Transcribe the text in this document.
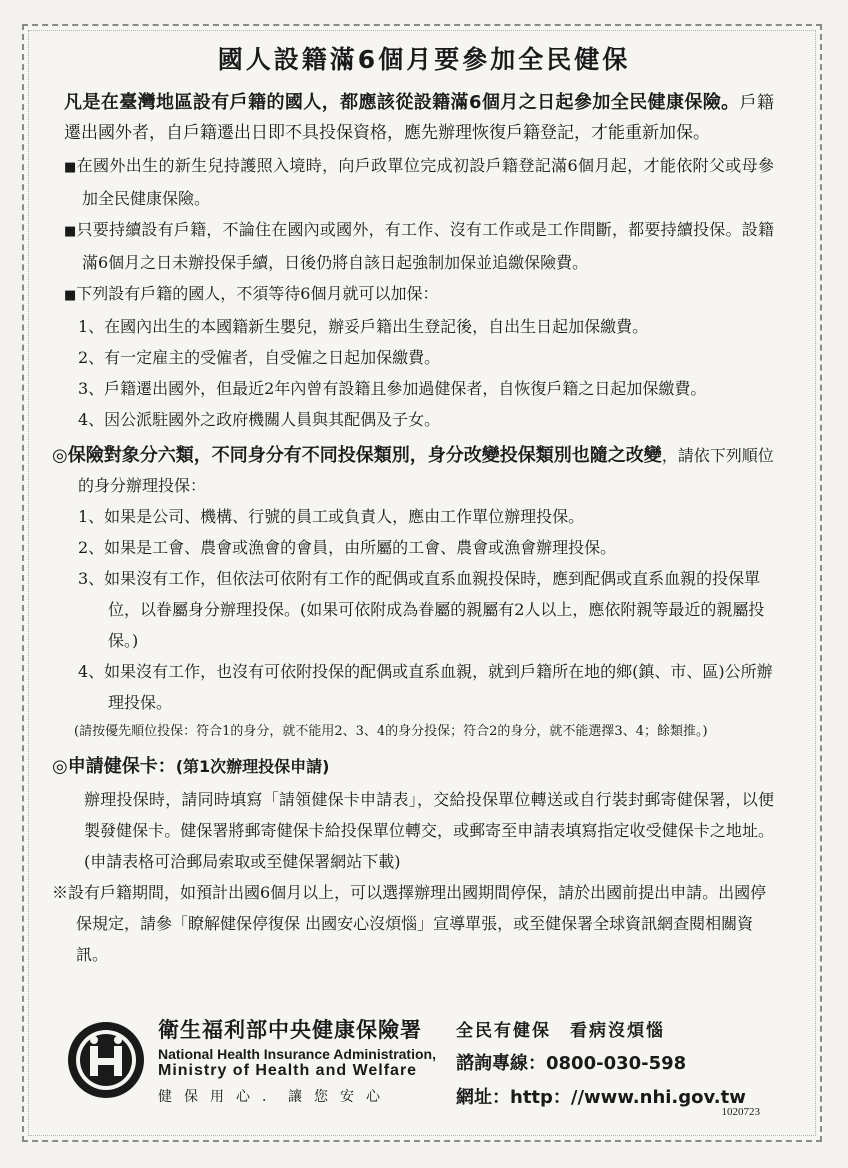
國人設籍滿6個月要參加全民健保

凡是在臺灣地區設有戶籍的國人，都應該從設籍滿6個月之日起參加全民健康保險。戶籍遷出國外者，自戶籍遷出日即不具投保資格，應先辦理恢復戶籍登記，才能重新加保。

■在國外出生的新生兒持護照入境時，向戶政單位完成初設戶籍登記滿6個月起，才能依附父或母參加全民健康保險。

■只要持續設有戶籍，不論住在國內或國外，有工作、沒有工作或是工作間斷，都要持續投保。設籍滿6個月之日未辦投保手續，日後仍將自該日起強制加保並追繳保險費。

■下列設有戶籍的國人，不須等待6個月就可以加保：

1、在國內出生的本國籍新生嬰兒，辦妥戶籍出生登記後，自出生日起加保繳費。

2、有一定雇主的受僱者，自受僱之日起加保繳費。

3、戶籍遷出國外，但最近2年內曾有設籍且參加過健保者，自恢復戶籍之日起加保繳費。

4、因公派駐國外之政府機關人員與其配偶及子女。

◎保險對象分六類，不同身分有不同投保類別，身分改變投保類別也隨之改變，請依下列順位的身分辦理投保：

1、如果是公司、機構、行號的員工或負責人，應由工作單位辦理投保。

2、如果是工會、農會或漁會的會員，由所屬的工會、農會或漁會辦理投保。

3、如果沒有工作，但依法可依附有工作的配偶或直系血親投保時，應到配偶或直系血親的投保單位，以眷屬身分辦理投保。(如果可依附成為眷屬的親屬有2人以上，應依附親等最近的親屬投保。)

4、如果沒有工作，也沒有可依附投保的配偶或直系血親，就到戶籍所在地的鄉(鎮、市、區)公所辦理投保。

(請按優先順位投保：符合1的身分，就不能用2、3、4的身分投保；符合2的身分，就不能選擇3、4；餘類推。)

◎申請健保卡：(第1次辦理投保申請)

辦理投保時，請同時填寫「請領健保卡申請表」，交給投保單位轉送或自行裝封郵寄健保署，以便製發健保卡。健保署將郵寄健保卡給投保單位轉交，或郵寄至申請表填寫指定收受健保卡之地址。(申請表格可洽郵局索取或至健保署網站下載)

※設有戶籍期間，如預計出國6個月以上，可以選擇辦理出國期間停保，請於出國前提出申請。出國停保規定，請參「瞭解健保停復保 出國安心沒煩惱」宣導單張，或至健保署全球資訊網查閱相關資訊。

衛生福利部中央健康保險署
National Health Insurance Administration,
Ministry of Health and Welfare
健保用心．讓您安心
全民有健保　看病沒煩惱
諮詢專線：0800-030-598
網址：http：//www.nhi.gov.tw
1020723
